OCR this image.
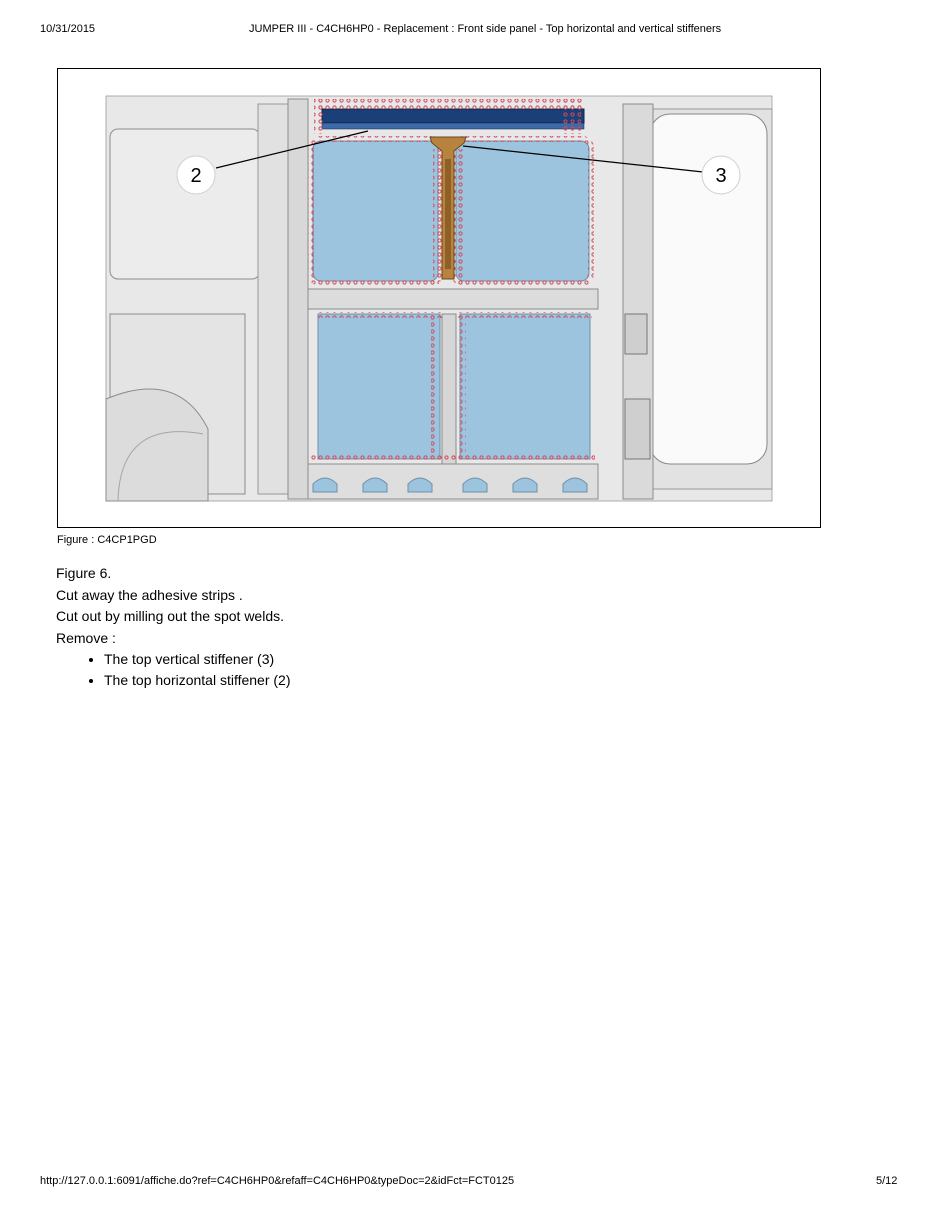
10/31/2015	JUMPER III - C4CH6HP0 - Replacement : Front side panel - Top horizontal and vertical stiffeners
2	3
Figure : C4CP1PGD

Figure 6.

Cut away the adhesive strips .

Cut out by milling out the spot welds.

Remove :

• The top vertical stiffener (3)
• The top horizontal stiffener (2)
http://127.0.0.1:6091/affiche.do?ref=C4CH6HP0&refaff=C4CH6HP0&typeDoc=2&idFct=FCT0125	5/12
